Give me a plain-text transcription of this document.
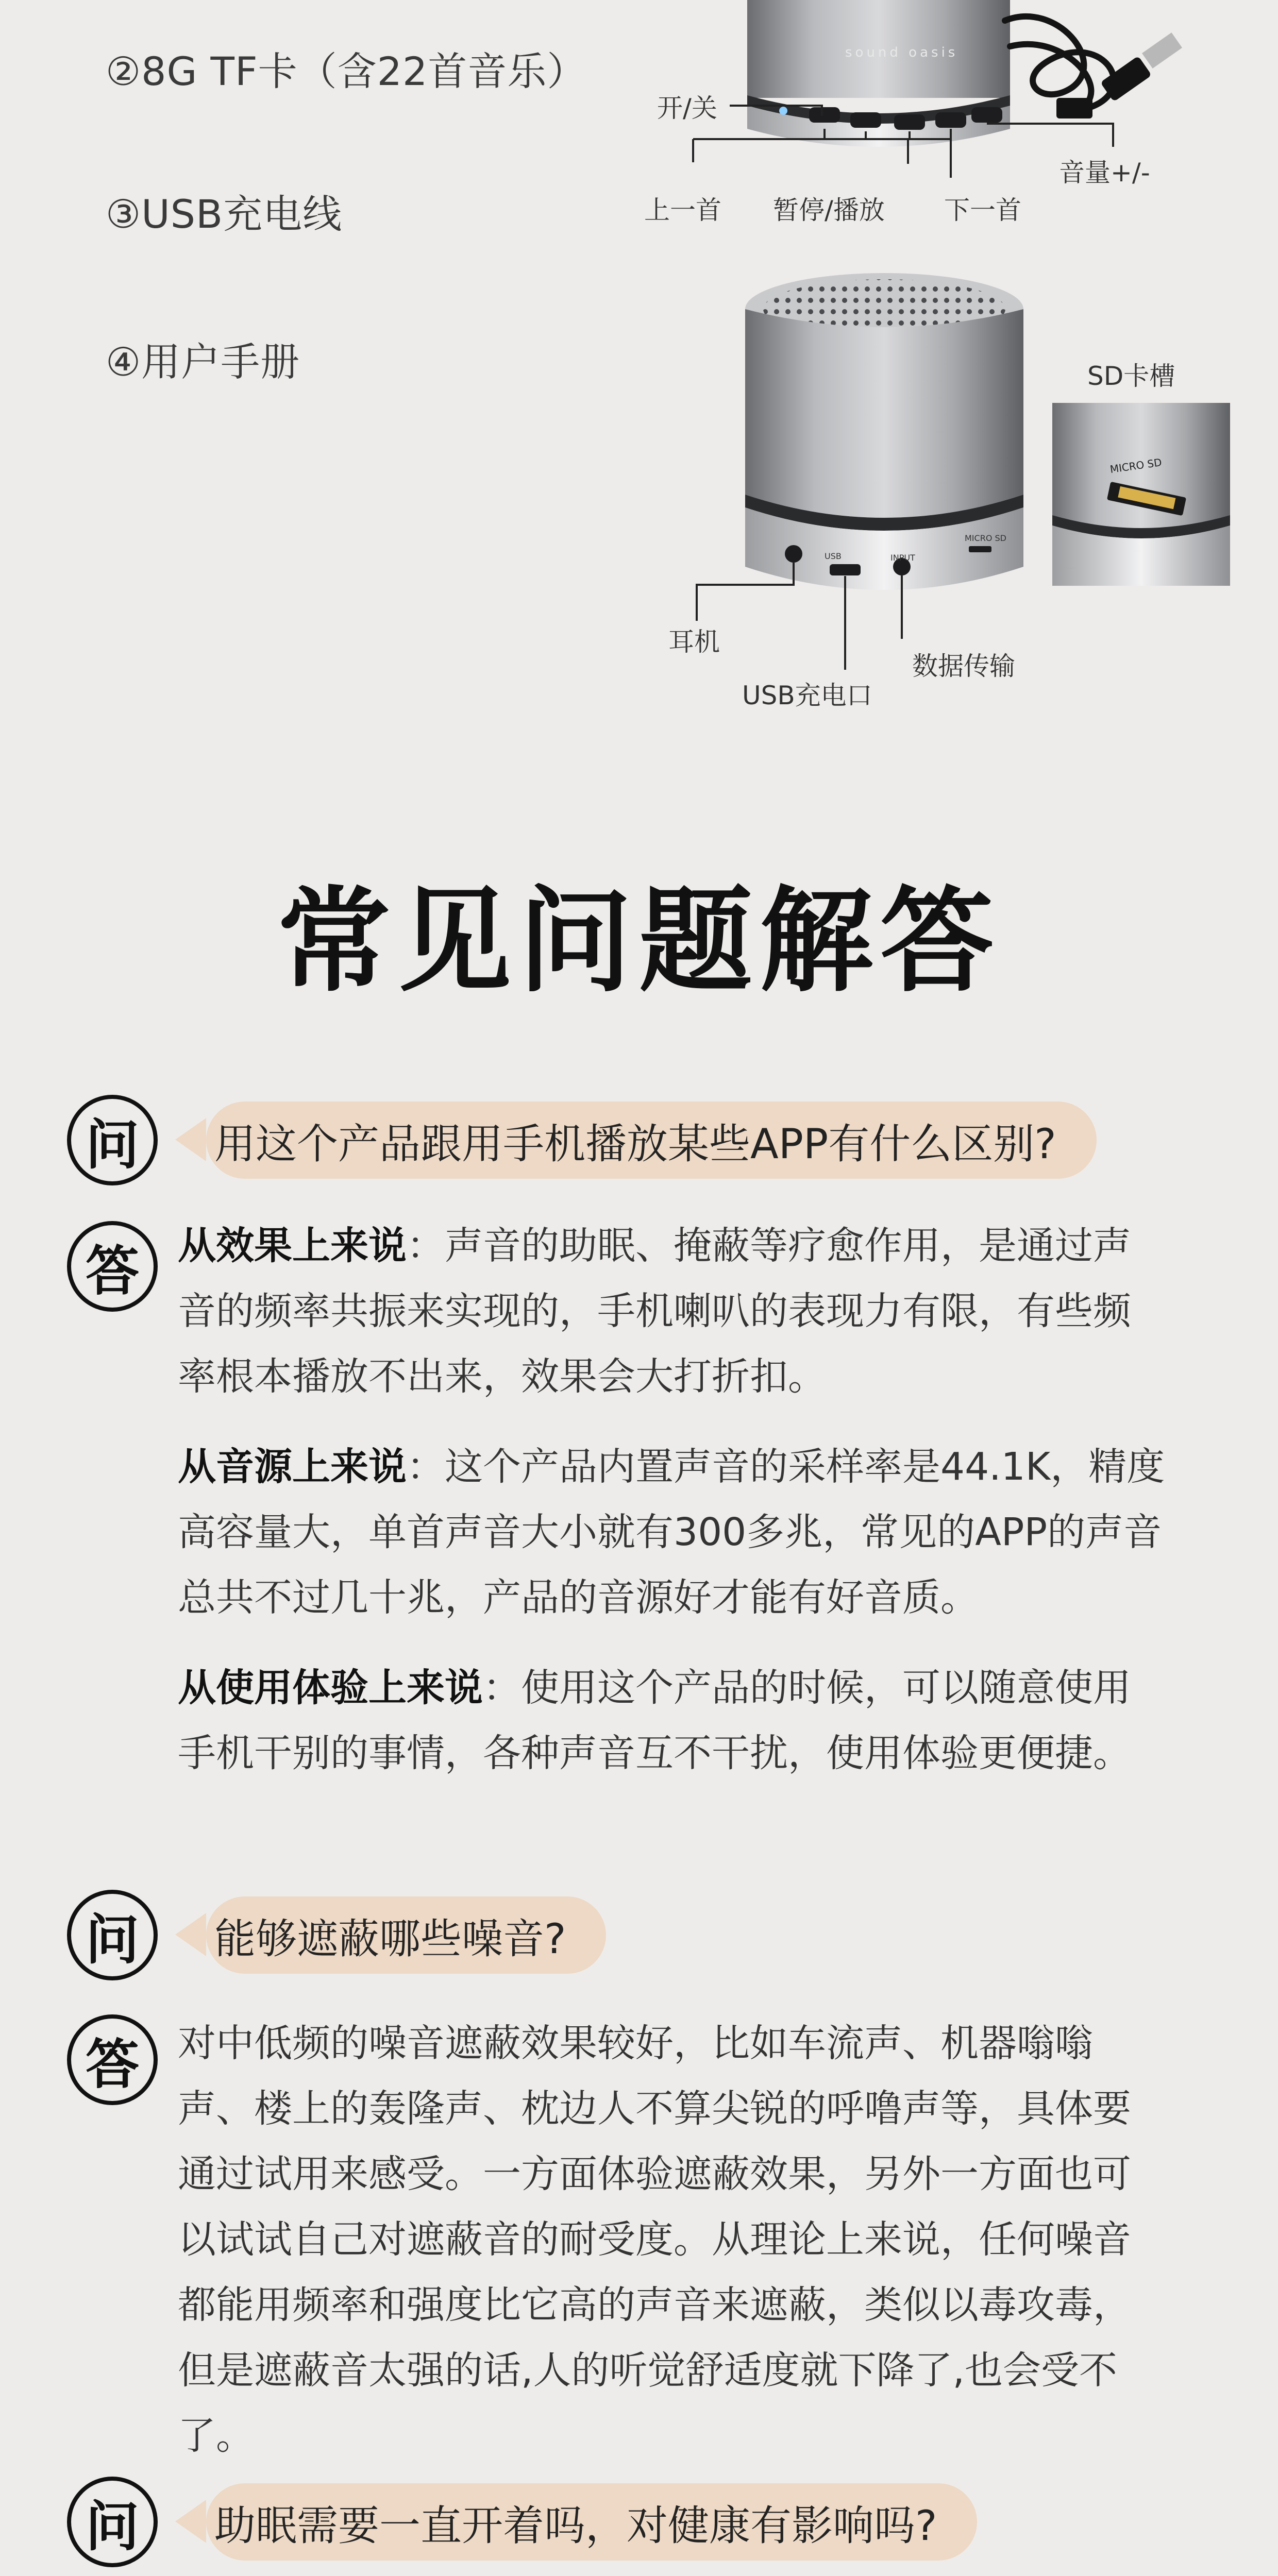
②8G TF卡（含22首音乐）
③USB充电线
④用户手册
sound oasis
USB	INPUT
MICRO SD
MICRO SD
开/关
音量+/-
上一首 暂停/播放 下一首
SD卡槽
耳机
USB充电口
数据传输
常见问题解答
问	用这个产品跟用手机播放某些APP有什么区别?
答	从效果上来说：声音的助眠、掩蔽等疗愈作用，是通过声音的频率共振来实现的，手机喇叭的表现力有限，有些频率根本播放不出来，效果会大打折扣。

从音源上来说：这个产品内置声音的采样率是44.1K，精度高容量大，单首声音大小就有300多兆，常见的APP的声音总共不过几十兆，产品的音源好才能有好音质。

从使用体验上来说：使用这个产品的时候，可以随意使用手机干别的事情，各种声音互不干扰，使用体验更便捷。

问	能够遮蔽哪些噪音?
答	对中低频的噪音遮蔽效果较好，比如车流声、机器嗡嗡声、楼上的轰隆声、枕边人不算尖锐的呼噜声等，具体要通过试用来感受。一方面体验遮蔽效果，另外一方面也可以试试自己对遮蔽音的耐受度。从理论上来说，任何噪音都能用频率和强度比它高的声音来遮蔽，类似以毒攻毒，但是遮蔽音太强的话,人的听觉舒适度就下降了,也会受不了。

问	助眠需要一直开着吗，对健康有影响吗?
